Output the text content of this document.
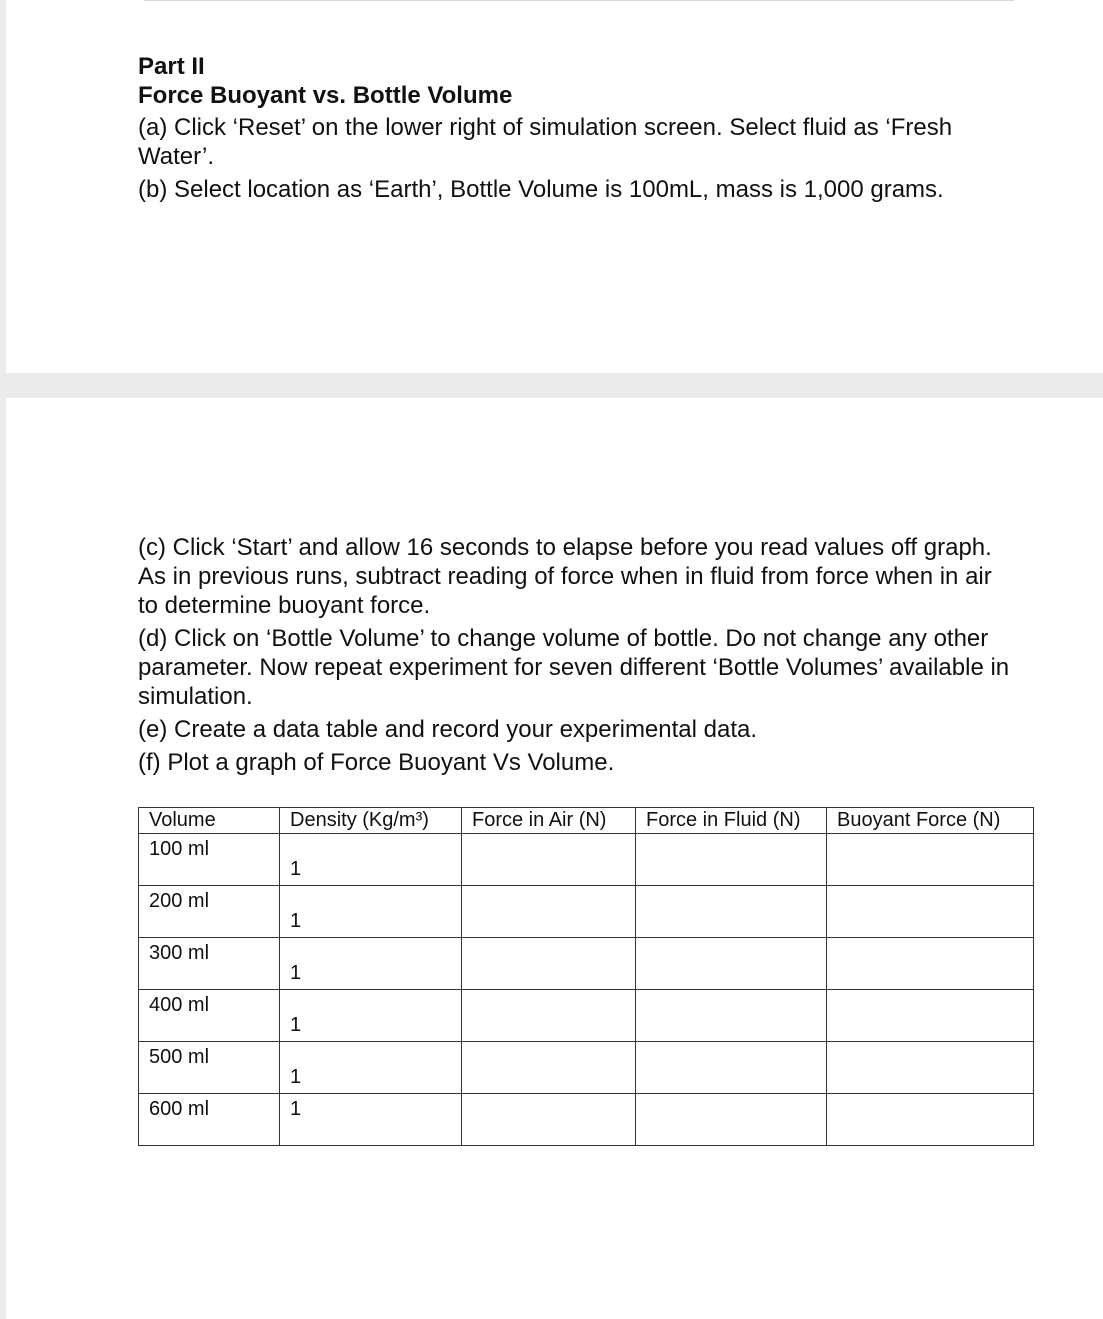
Part II
Force Buoyant vs. Bottle Volume

(a) Click ‘Reset’ on the lower right of simulation screen. Select fluid as ‘Fresh Water’.

(b) Select location as ‘Earth’, Bottle Volume is 100mL, mass is 1,000 grams.

(c) Click ‘Start’ and allow 16 seconds to elapse before you read values off graph. As in previous runs, subtract reading of force when in fluid from force when in air to determine buoyant force.

(d) Click on ‘Bottle Volume’ to change volume of bottle. Do not change any other parameter. Now repeat experiment for seven different ‘Bottle Volumes’ available in simulation.

(e) Create a data table and record your experimental data.

(f) Plot a graph of Force Buoyant Vs Volume.

Volume	Density (Kg/m³)	Force in Air (N)	Force in Fluid (N)	Buoyant Force (N)

100 ml	1			

200 ml	1			

300 ml	1			

400 ml	1			

500 ml	1			

600 ml	1			
